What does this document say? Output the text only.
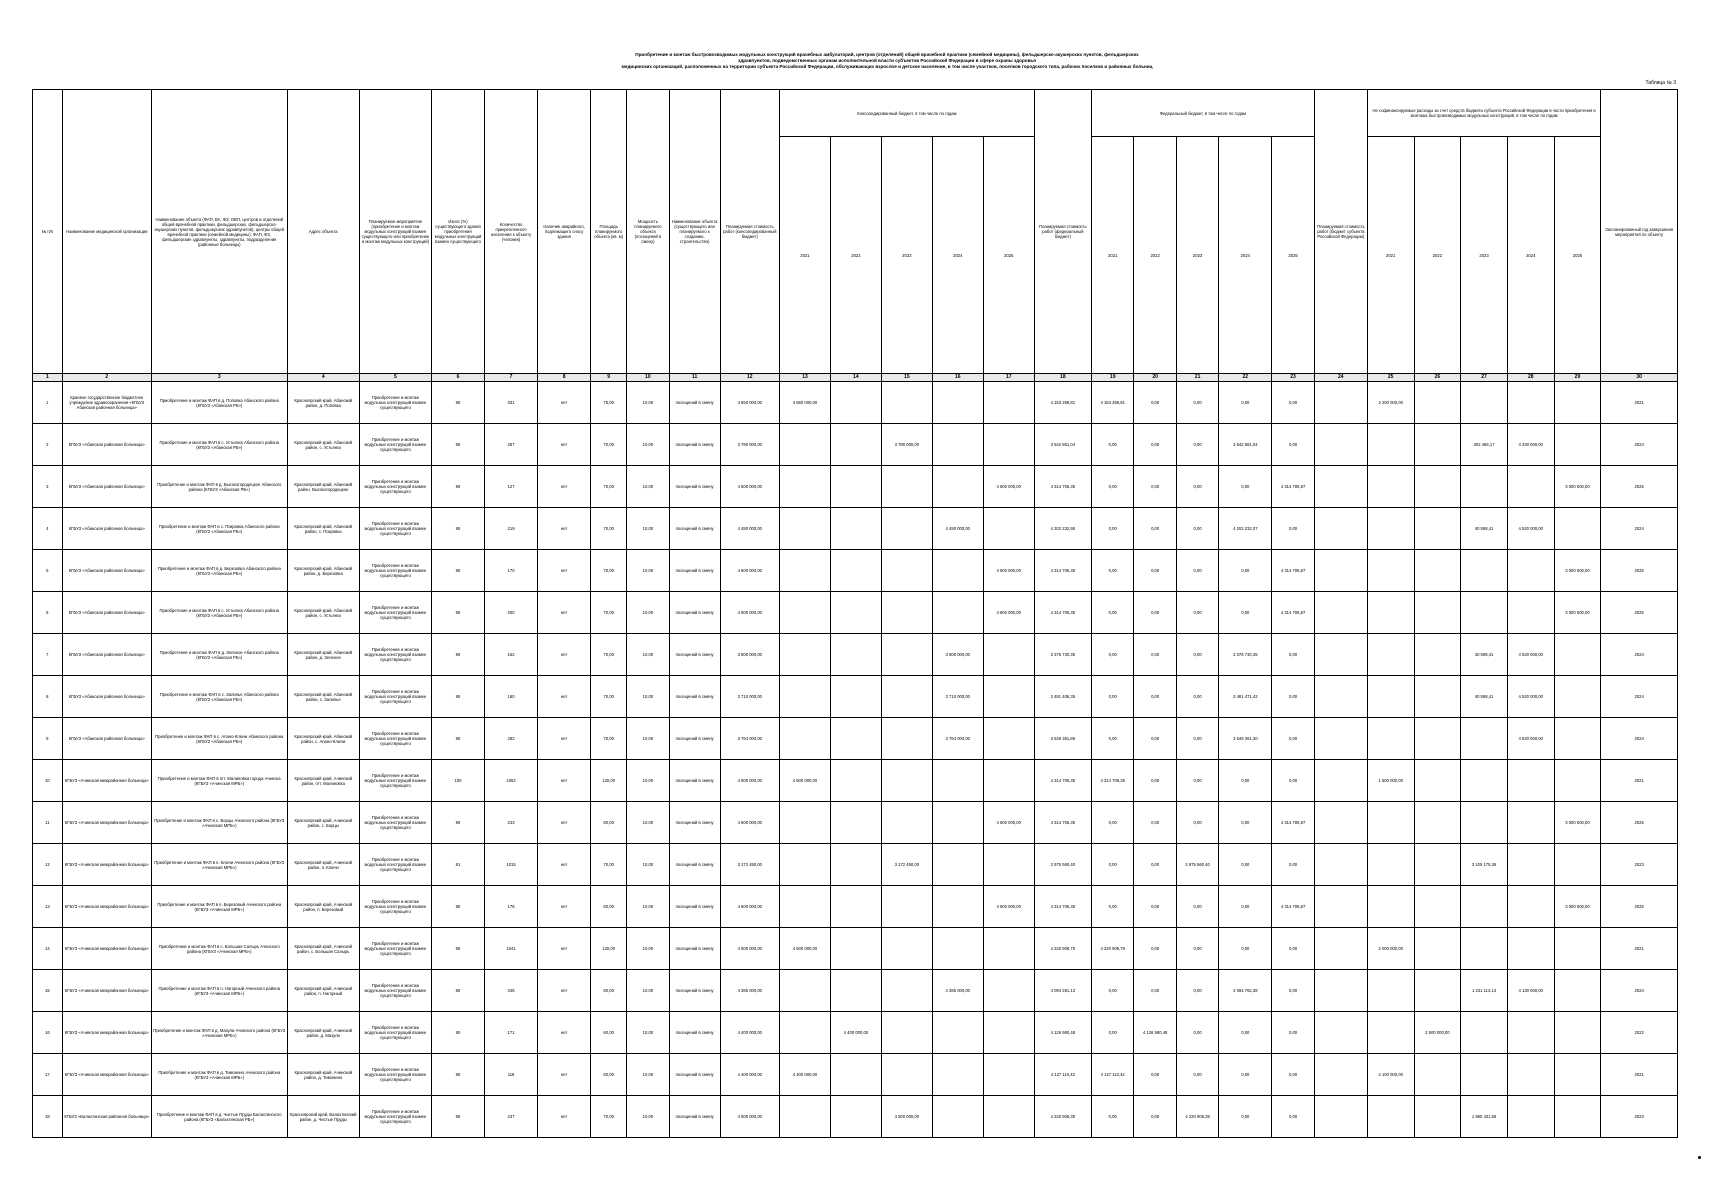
Приобретение и монтаж быстровозводимых модульных конструкций врачебных амбулаторий, центров (отделений) общей врачебной практики (семейной медицины), фельдшерско-акушерских пунктов, фельдшерских
здравпунктов, подведомственных органам исполнительной власти субъектов Российской Федерации в сфере охраны здоровья
медицинских организаций, расположенных на территории субъекта Российской Федерации, обслуживающих взрослое и детское население, в том числе участков, поселков городского типа, рабочих поселков и районных больниц
Таблица № 3
№ п/п	Наименование медицинской организации	Наименование объекта (ФАП, ВА, ФЗ, ОВП, центров и отделений общей врачебной практики, фельдшерских, фельдшерско-акушерских пунктов, фельдшерских здравпунктов), центры общей врачебной практики (семейной медицины), ФАП, ФЗ, фельдшерские здравпункты, здравпункты, подразделения (районные больницы)	Адрес объекта	Планируемое мероприятие (приобретение и монтаж модульных конструкций взамен существующего или приобретение и монтаж модульных конструкций)	Износ (%) существующего здания приобретения модульных конструкций взамен существующего	Количество прикрепленного населения к объекту (человек)	Наличие аварийного, подлежащего сносу здания	Площадь планируемого объекта (кв. м)	Мощность планируемого объекта (посещений в смену)	Наименование объекта (существующего или планируемого к созданию, строительство)	Планируемая стоимость работ (консолидированный бюджет)	Консолидированный бюджет, в том числе по годам					Планируемая стоимость работ (федеральный бюджет)	Федеральный бюджет, в том числе по годам					Планируемая стоимость работ (бюджет субъекта Российской Федерации)	Не софинансируемые расходы за счет средств бюджета субъекта Российской Федерации в части приобретения и монтажа быстровозводимых модульных конструкций, в том числе по годам					Запланированный год завершения мероприятия по объекту
												2021	2022	2023	2024	2025		2021	2022	2023	2024	2025		2021	2022	2023	2024	2025	
1	2	3	4	5	6	7	8	9	10	11	12	13	14	15	16	17	18	19	20	21	22	23	24	25	26	27	28	29	30
1	Краевое государственное бюджетное учреждение здравоохранения «КГБУЗ Абанская районная больница»	Приобретение и монтаж ФАП в д. Поповка Абанского района (КГБУЗ «Абанская РБ»)	Красноярский край, Абанский район, д. Поповка	Приобретение и монтаж модульных конструкций взамен существующего	95	331	нет	75,00	10,00	посещений в смену	4 650 000,00	4 650 000,00					4 153 269,81	4 153 269,81	0,00	0,00	0,00	0,00		2 200 000,00					2021
2	КГБУЗ «Абанская районная больница»	Приобретение и монтаж ФАП в с. Устьянск Абанского района (КГБУЗ «Абанская РБ»)	Красноярский край, Абанский район, с. Устьянск	Приобретение и монтаж модульных конструкций взамен существующего	95	267	нет	70,00	10,00	посещений в смену	3 780 000,00			3 780 000,00			3 542 861,04	0,00	0,00	0,00	3 542 861,04	0,00				302 465,17	4 330 000,00		2024
3	КГБУЗ «Абанская районная больница»	Приобретение и монтаж ФАП в д. Высокогородецкое Абанского района (КГБУЗ «Абанская РБ»)	Красноярский край, Абанский район, Высокогородецкое	Приобретение и монтаж модульных конструкций взамен существующего	95	127	нет	70,00	10,00	посещений в смену	4 500 000,00					4 600 000,00	4 314 706,35	0,00	0,00	0,00	0,00	4 314 706,87						3 000 000,00	2025
4	КГБУЗ «Абанская районная больница»	Приобретение и монтаж ФАП в с. Покровка Абанского района (КГБУЗ «Абанская РБ»)	Красноярский край, Абанский район, с. Покровка	Приобретение и монтаж модульных конструкций взамен существующего	95	219	нет	70,00	10,00	посещений в смену	4 480 000,00				4 480 000,00		4 202 232,95	0,00	0,00	0,00	4 202 232,07	0,00				40 598,41	4 520 000,00		2024
5	КГБУЗ «Абанская районная больница»	Приобретение и монтаж ФАП в д. Березовка Абанского района (КГБУЗ «Абанская РБ»)	Красноярский край, Абанский район, д. Березовка	Приобретение и монтаж модульных конструкций взамен существующего	95	170	нет	70,00	10,00	посещений в смену	4 600 000,00					4 600 000,00	4 314 706,35	0,00	0,00	0,00	0,00	4 314 706,87						3 000 000,00	2025
6	КГБУЗ «Абанская районная больница»	Приобретение и монтаж ФАП в с. Устьянск Абанского района (КГБУЗ «Абанская РБ»)	Красноярский край, Абанский район, с. Устьянск	Приобретение и монтаж модульных конструкций взамен существующего	95	200	нет	70,00	10,00	посещений в смену	4 600 000,00					4 600 000,00	4 314 706,35	0,00	0,00	0,00	0,00	4 314 706,87						3 000 000,00	2025
7	КГБУЗ «Абанская районная больница»	Приобретение и монтаж ФАП в д. Зеленое Абанского района (КГБУЗ «Абанская РБ»)	Красноярский край, Абанский район, д. Зеленое	Приобретение и монтаж модульных конструкций взамен существующего	95	162	нет	70,00	10,00	посещений в смену	3 600 000,00				3 600 000,00		3 376 730,35	0,00	0,00	0,00	3 376 730,35	0,00				40 598,41	4 520 000,00		2024
8	КГБУЗ «Абанская районная больница»	Приобретение и монтаж ФАП в с. Залипье Абанского района (КГБУЗ «Абанская РБ»)	Красноярский край, Абанский район, с. Залипье	Приобретение и монтаж модульных конструкций взамен существующего	95	160	нет	70,00	10,00	посещений в смену	3 710 000,00				3 710 000,00		3 481 406,35	0,00	0,00	0,00	3 481 471,42	0,00				40 598,41	4 520 000,00		2024
9	КГБУЗ «Абанская районная больница»	Приобретение и монтаж ФАП в с. Апано-Ключи Абанского района (КГБУЗ «Абанская РБ»)	Красноярский край, Абанский район, с. Апано-Ключи	Приобретение и монтаж модульных конструкций взамен существующего	95	282	нет	70,00	10,00	посещений в смену	3 764 000,00				3 764 000,00		3 549 361,86	0,00	0,00	0,00	3 549 361,30	0,00					4 520 000,00		2024
10	КГБУЗ «Ачинская межрайонная больница»	Приобретение и монтаж ФАП в пгт. Малиновка города Ачинска (КГБУЗ «Ачинская МРБ»)	Красноярский край, Ачинский район, пгт. Малиновка	Приобретение и монтаж модульных конструкций взамен существующего	100	1062	нет	120,00	10,00	посещений в смену	4 600 000,00	4 600 000,00					4 314 706,35	4 314 706,35	0,00	0,00	0,00	0,00		1 500 000,00					2021
11	КГБУЗ «Ачинская межрайонная больница»	Приобретение и монтаж ФАП в с. Борцы Ачинского района (КГБУЗ «Ачинская МРБ»)	Красноярский край, Ачинский район, с. Борцы	Приобретение и монтаж модульных конструкций взамен существующего	95	233	нет	60,00	10,00	посещений в смену	4 600 000,00					4 600 000,00	4 314 706,35	0,00	0,00	0,00	0,00	4 314 706,87						3 000 000,00	2025
12	КГБУЗ «Ачинская межрайонная больница»	Приобретение и монтаж ФАП в п. Ключи Ачинского района (КГБУЗ «Ачинская МРБ»)	Красноярский край, Ачинский район, п. Ключи	Приобретение и монтаж модульных конструкций взамен существующего	81	1015	нет	70,00	10,00	посещений в смену	3 172 450,00			3 172 450,00			2 975 560,40	0,00	0,00	2 975 560,40	0,00	0,00				3 105 175,36			2023
13	КГБУЗ «Ачинская межрайонная больница»	Приобретение и монтаж ФАП в п. Березовый Ачинского района (КГБУЗ «Ачинская МРБ»)	Красноярский край, Ачинский район, п. Березовый	Приобретение и монтаж модульных конструкций взамен существующего	85	176	нет	60,00	10,00	посещений в смену	4 600 000,00					4 600 000,00	4 314 706,35	0,00	0,00	0,00	0,00	4 314 706,87						3 000 000,00	2025
14	КГБУЗ «Ачинская межрайонная больница»	Приобретение и монтаж ФАП в с. Большая Салырь Ачинского района (КГБУЗ «Ачинская МРБ»)	Красноярский край, Ачинский район, с. Большая Салырь	Приобретение и монтаж модульных конструкций взамен существующего	95	1041	нет	120,00	10,00	посещений в смену	4 500 000,00	4 500 000,00					4 220 908,79	4 220 908,79	0,00	0,00	0,00	0,00		2 000 000,00					2021
15	КГБУЗ «Ачинская межрайонная больница»	Приобретение и монтаж ФАП в п. Нагорный Ачинского района (КГБУЗ «Ачинская МРБ»)	Красноярский край, Ачинский район, п. Нагорный	Приобретение и монтаж модульных конструкций взамен существующего	85	345	нет	60,00	10,00	посещений в смену	4 365 000,00				4 365 000,00		4 094 281,13	0,00	0,00	0,00	4 094 762,38	0,00				1 231 114,13	4 130 000,00		2024
16	КГБУЗ «Ачинская межрайонная больница»	Приобретение и монтаж ФАП в д. Мазули Ачинского района (КГБУЗ «Ачинская МРБ»)	Красноярский край, Ачинский район, д. Мазули	Приобретение и монтаж модульных конструкций взамен существующего	90	171	нет	60,00	10,00	посещений в смену	4 400 000,00		4 400 000,00				4 126 980,48	0,00	4 126 980,48	0,00	0,00	0,00			2 500 000,00				2022
17	КГБУЗ «Ачинская межрайонная больница»	Приобретение и монтаж ФАП в д. Тимонино Ачинского района (КГБУЗ «Ачинская МРБ»)	Красноярский край, Ачинский район, д. Тимонино	Приобретение и монтаж модульных конструкций взамен существующего	95	118	нет	60,00	10,00	посещений в смену	4 400 000,00	4 400 000,00					4 127 110,42	4 127 110,42	0,00	0,00	0,00	0,00		2 100 000,00					2021
18	КГБУЗ «Балахтинская районная больница»	Приобретение и монтаж ФАП в д. Чистые Пруды Балахтинского района (КГБУЗ «Балахтинская РБ»)	Красноярский край, Балахтинский район, д. Чистые Пруды	Приобретение и монтаж модульных конструкций взамен существующего	95	237	нет	70,00	10,00	посещений в смену	4 500 000,00			4 500 000,00			4 220 908,39	0,00	0,00	4 220 908,39	0,00	0,00				1 980 431,58			2023
